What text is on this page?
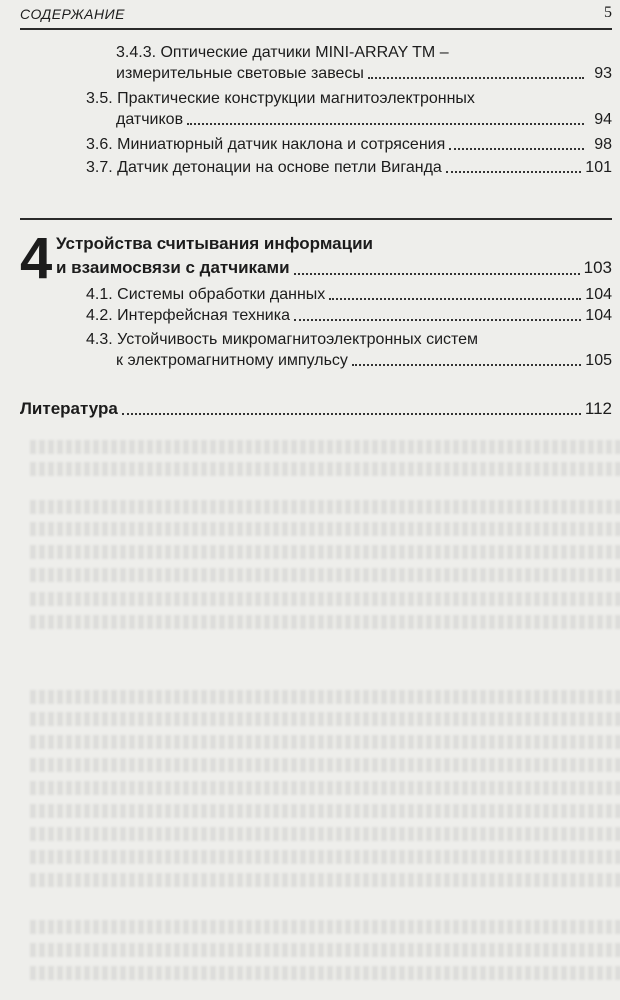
СОДЕРЖАНИЕ	5
3.4.3. Оптические датчики MINI-ARRAY TM –
измерительные световые завесы	93
3.5. Практические конструкции магнитоэлектронных
датчиков	94
3.6. Миниатюрный датчик наклона и сотрясения	98
3.7. Датчик детонации на основе петли Виганда	101
4 Устройства считывания информации
и взаимосвязи с датчиками	103
4.1. Системы обработки данных	104
4.2. Интерфейсная техника	104
4.3. Устойчивость микромагнитоэлектронных систем
к электромагнитному импульсу	105
Литература	112
